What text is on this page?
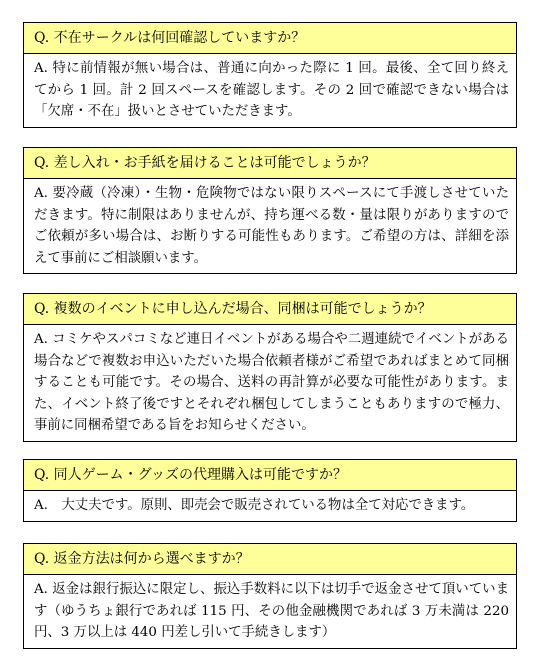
Q. 不在サークルは何回確認していますか？
A. 特に前情報が無い場合は、普通に向かった際に 1 回。最後、全て回り終えてから 1 回。計 2 回スペースを確認します。その 2 回で確認できない場合は「欠席・不在」扱いとさせていただきます。
Q. 差し入れ・お手紙を届けることは可能でしょうか？
A. 要冷蔵（冷凍）・生物・危険物ではない限りスペースにて手渡しさせていただきます。特に制限はありませんが、持ち運べる数・量は限りがありますのでご依頼が多い場合は、お断りする可能性もあります。ご希望の方は、詳細を添えて事前にご相談願います。
Q. 複数のイベントに申し込んだ場合、同梱は可能でしょうか？
A. コミケやスパコミなど連日イベントがある場合や二週連続でイベントがある場合などで複数お申込いただいた場合依頼者様がご希望であればまとめて同梱することも可能です。その場合、送料の再計算が必要な可能性があります。また、イベント終了後ですとそれぞれ梱包してしまうこともありますので極力、事前に同梱希望である旨をお知らせください。
Q. 同人ゲーム・グッズの代理購入は可能ですか？
A.　大丈夫です。原則、即売会で販売されている物は全て対応できます。
Q. 返金方法は何から選べますか？
A. 返金は銀行振込に限定し、振込手数料に以下は切手で返金させて頂いています（ゆうちょ銀行であれば 115 円、その他金融機関であれば 3 万未満は 220 円、3 万以上は 440 円差し引いて手続きします）
